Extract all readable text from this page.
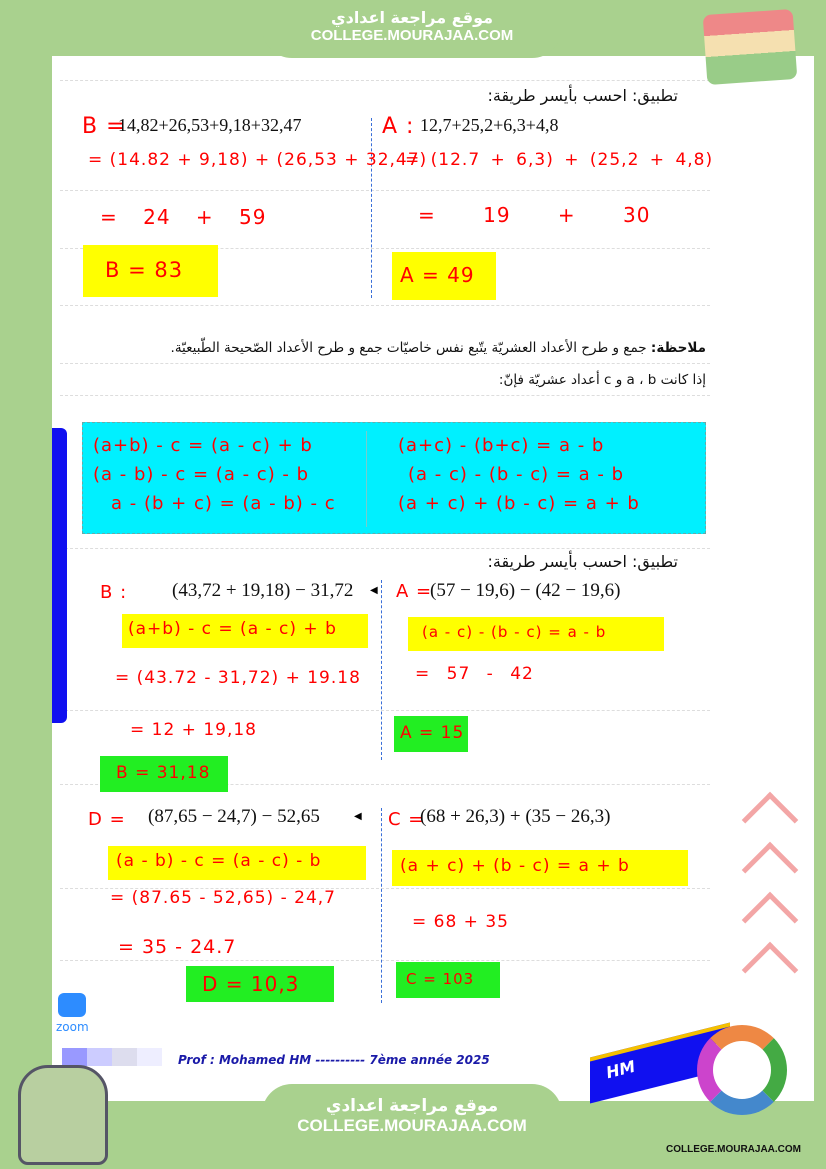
موقع مراجعة اعدادي
COLLEGE.MOURAJAA.COM
تطبيق: احسب بأيسر طريقة:
B =
14,82+26,53+9,18+32,47
= (14.82 + 9,18) + (26,53 + 32,47)
= 24 + 59
B = 83
A : 12,7+25,2+6,3+4,8
= (12.7 + 6,3) + (25,2 + 4,8)
= 19 + 30
A = 49
ملاحظة: جمع و طرح الأعداد العشريّة يتّبع نفس خاصيّات جمع و طرح الأعداد الصّحيحة الطّبيعيّة.
إذا كانت a ، b و c أعداد عشريّة فإنّ:
(a+b) - c = (a - c) + b
(a - b) - c = (a - c) - b
a - (b + c) = (a - b) - c
(a+c) - (b+c) = a - b
(a - c) - (b - c) = a - b
(a + c) + (b - c) = a + b
تطبيق: احسب بأيسر طريقة:
B : (43,72 + 19,18) − 31,72 ◀
(a+b) - c = (a - c) + b
= (43.72 - 31,72) + 19.18
= 12 + 19,18
B = 31,18
A =
(57 − 19,6) − (42 − 19,6)
(a - c) - (b - c) = a - b
= 57 - 42
A = 15
D = (87,65 − 24,7) − 52,65	◀
(a - b) - c = (a - c) - b
= (87.65 - 52,65) - 24,7
= 35 - 24.7
D = 10,3
C =
(68 + 26,3) + (35 − 26,3)
(a + c) + (b - c) = a + b
= 68 + 35
C = 103
zoom
Prof : Mohamed HM ---------- 7ème année 2025	HM
COLLEGE.MOURAJAA.COM
موقع مراجعة اعدادي
COLLEGE.MOURAJAA.COM
